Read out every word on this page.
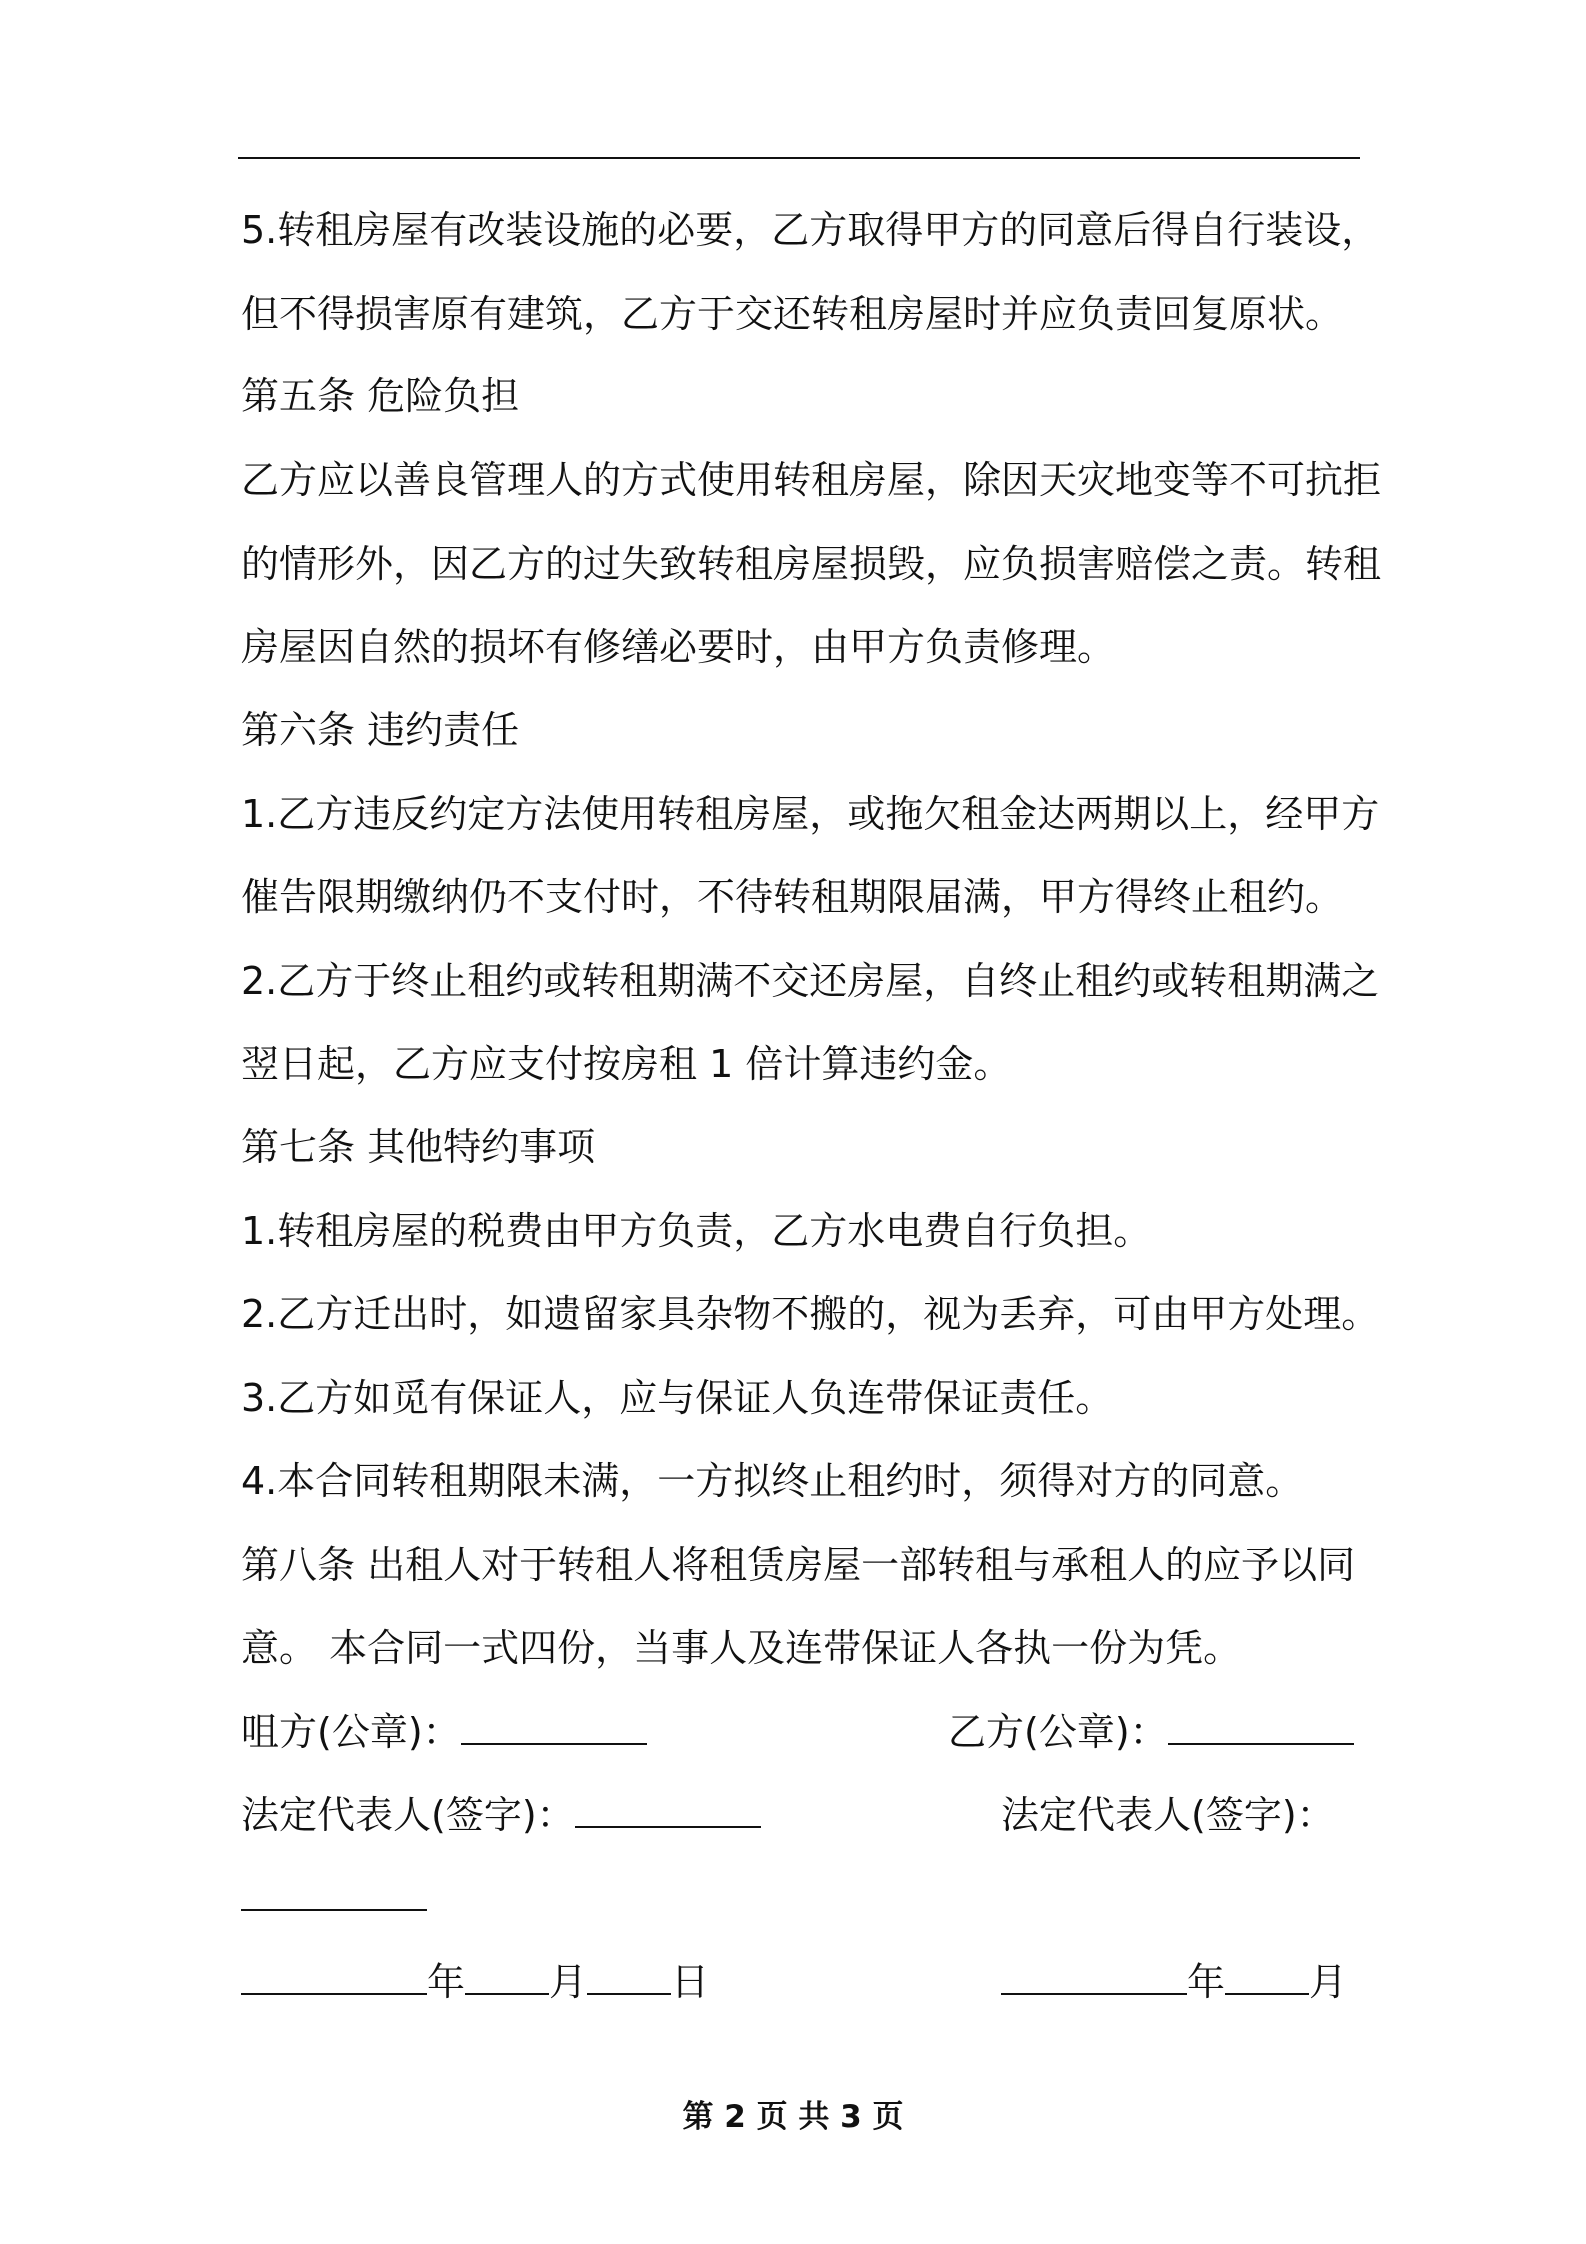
5.转租房屋有改装设施的必要，乙方取得甲方的同意后得自行装设，
但不得损害原有建筑，乙方于交还转租房屋时并应负责回复原状。
第五条 危险负担
乙方应以善良管理人的方式使用转租房屋，除因天灾地变等不可抗拒
的情形外，因乙方的过失致转租房屋损毁，应负损害赔偿之责。转租
房屋因自然的损坏有修缮必要时，由甲方负责修理。
第六条 违约责任
1.乙方违反约定方法使用转租房屋，或拖欠租金达两期以上，经甲方
催告限期缴纳仍不支付时，不待转租期限届满，甲方得终止租约。
2.乙方于终止租约或转租期满不交还房屋，自终止租约或转租期满之
翌日起，乙方应支付按房租 1 倍计算违约金。
第七条 其他特约事项
1.转租房屋的税费由甲方负责，乙方水电费自行负担。
2.乙方迁出时，如遗留家具杂物不搬的，视为丢弃，可由甲方处理。
3.乙方如觅有保证人，应与保证人负连带保证责任。
4.本合同转租期限未满，一方拟终止租约时，须得对方的同意。
第八条 出租人对于转租人将租赁房屋一部转租与承租人的应予以同
意。 本合同一式四份，当事人及连带保证人各执一份为凭。
咀方(公章)：	乙方(公章)：
法定代表人(签字)：	法定代表人(签字)：
年 月 日	年 月
第 2 页 共 3 页
